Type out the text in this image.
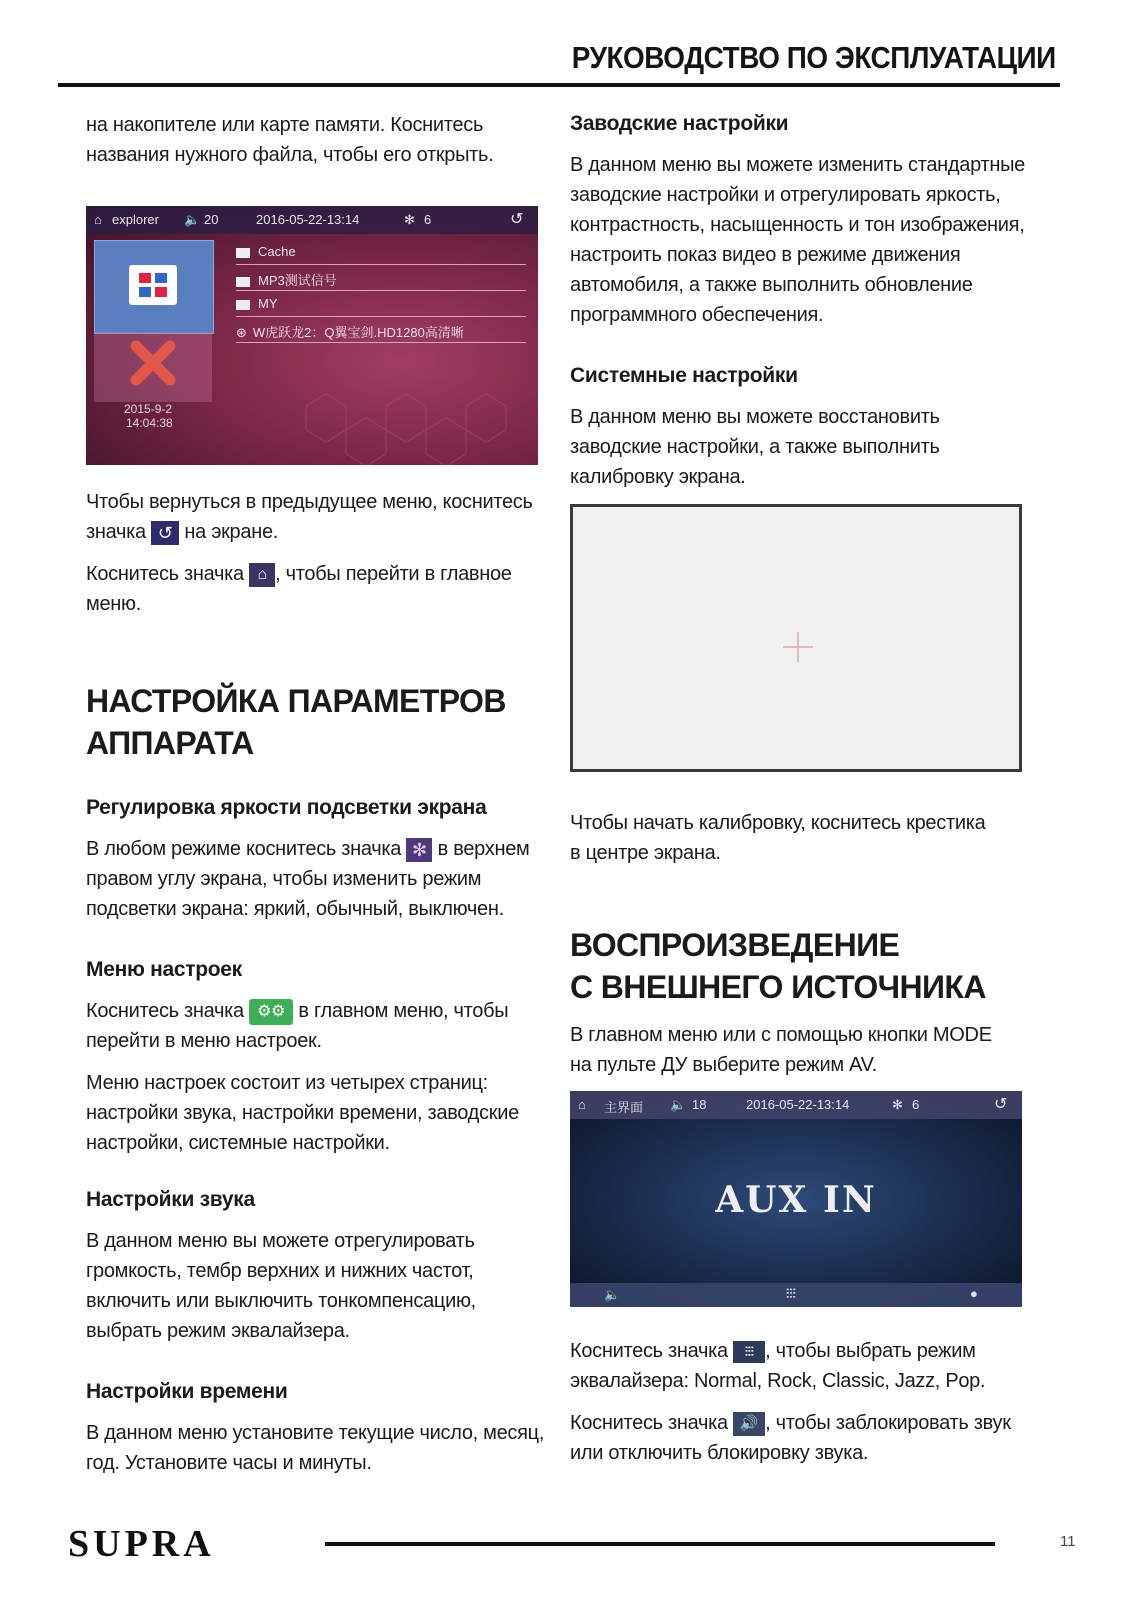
РУКОВОДСТВО ПО ЭКСПЛУАТАЦИИ

на накопителе или карте памяти. Коснитесь

названия нужного файла, чтобы его открыть.

⌂ explorer 🔈 20	2016-05-22-13:14	✻ 6	↺
2015-9-2
14:04:38
Cache
MP3测试信号
MY
⊛ W虎跃龙2：Q翼宝剑.HD1280高清晰

Чтобы вернуться в предыдущее меню, коснитесь

значка ↺ на экране.

Коснитесь значка ⌂ , чтобы перейти в главное

меню.

НАСТРОЙКА ПАРАМЕТРОВ

АППАРАТА

Регулировка яркости подсветки экрана

В любом режиме коснитесь значка ✻ в верхнем

правом углу экрана, чтобы изменить режим

подсветки экрана: яркий, обычный, выключен.

Меню настроек

Коснитесь значка ⚙⚙ в главном меню, чтобы

перейти в меню настроек.

Меню настроек состоит из четырех страниц:

настройки звука, настройки времени, заводские

настройки, системные настройки.

Настройки звука

В данном меню вы можете отрегулировать

громкость, тембр верхних и нижних частот,

включить или выключить тонкомпенсацию,

выбрать режим эквалайзера.

Настройки времени

В данном меню установите текущие число, месяц,

год. Установите часы и минуты.

Заводские настройки

В данном меню вы можете изменить стандартные

заводские настройки и отрегулировать яркость,

контрастность, насыщенность и тон изображения,

настроить показ видео в режиме движения

автомобиля, а также выполнить обновление

программного обеспечения.

Системные настройки

В данном меню вы можете восстановить

заводские настройки, а также выполнить

калибровку экрана.

Чтобы начать калибровку, коснитесь крестика

в центре экрана.

ВОСПРОИЗВЕДЕНИЕ

С ВНЕШНЕГО ИСТОЧНИКА

В главном меню или с помощью кнопки MODE

на пульте ДУ выберите режим AV.

⌂ 主界面 🔈 18	2016-05-22-13:14	✻ 6	↺
AUX IN
🔈	⫶⫶⫶	●

Коснитесь значка ⫶⫶⫶ , чтобы выбрать режим

эквалайзера: Normal, Rock, Classic, Jazz, Pop.

Коснитесь значка 🔊 , чтобы заблокировать звук

или отключить блокировку звука.

SUPRA	11
